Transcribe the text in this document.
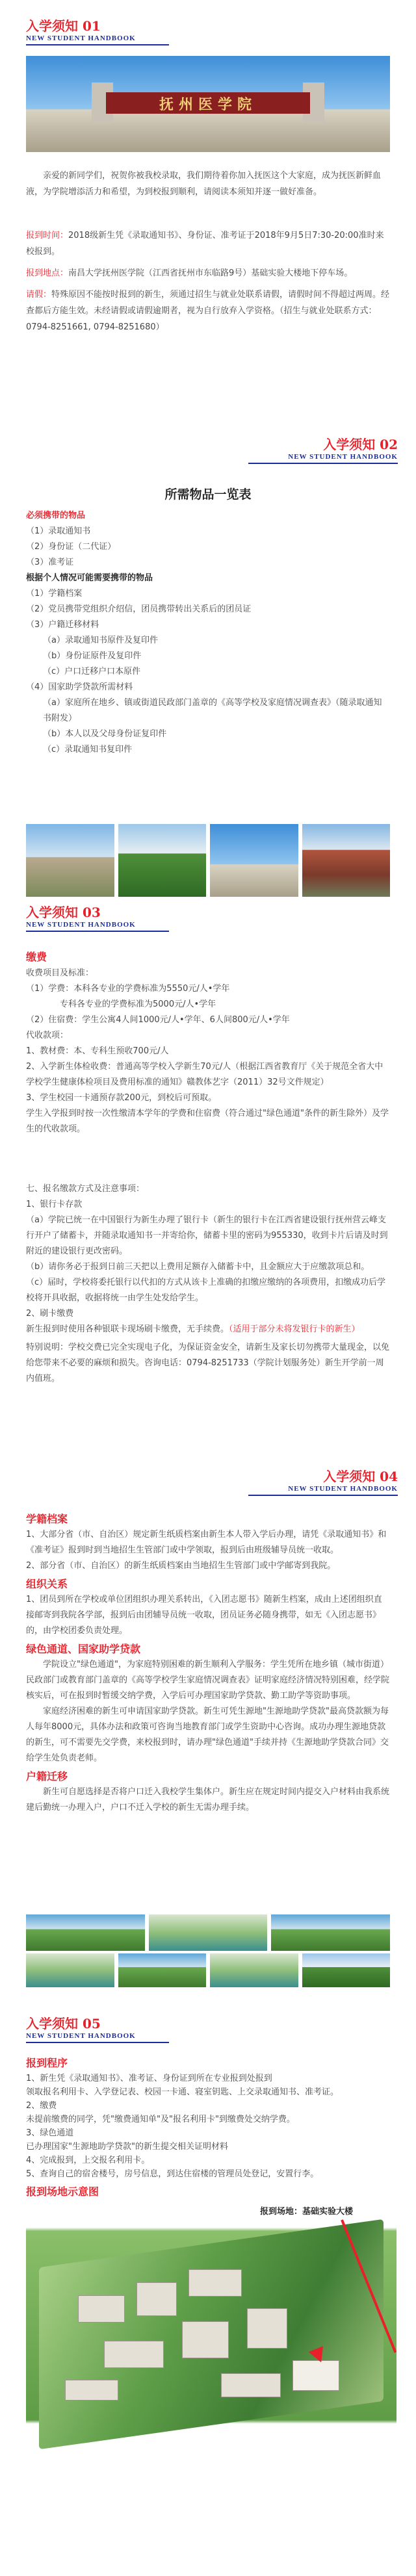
入学须知 01
NEW STUDENT HANDBOOK
抚州医学院
亲爱的新同学们，祝贺你被我校录取，我们期待着你加入抚医这个大家庭，成为抚医新鲜血液，为学院增添活力和希望，为到校报到顺利，请阅读本须知并逐一做好准备。
报到时间：2018级新生凭《录取通知书》、身份证、准考证于2018年9月5日7:30-20:00准时来校报到。
报到地点：南昌大学抚州医学院（江西省抚州市东临路9号）基础实验大楼地下停车场。
请假：特殊原因不能按时报到的新生，须通过招生与就业处联系请假，请假时间不得超过两周。经查都后方能生效。未经请假或请假逾期者，视为自行放弃入学资格。（招生与就业处联系方式：0794-8251661, 0794-8251680）
入学须知 02
NEW STUDENT HANDBOOK
所需物品一览表
必须携带的物品
（1）录取通知书
（2）身份证（二代证）
（3）准考证
根据个人情况可能需要携带的物品
（1）学籍档案
（2）党员携带党组织介绍信，团员携带转出关系后的团员证
（3）户籍迁移材料
（a）录取通知书原件及复印件
（b）身份证原件及复印件
（c）户口迁移户口本原件
（4）国家助学贷款所需材料
（a）家庭所在地乡、镇或街道民政部门盖章的《高等学校及家庭情况调查表》（随录取通知书附发）
（b）本人以及父母身份证复印件
（c）录取通知书复印件
入学须知 03
NEW STUDENT HANDBOOK
缴费
收费项目及标准：
（1）学费：本科各专业的学费标准为5550元/人•学年
专科各专业的学费标准为5000元/人•学年
（2）住宿费：学生公寓4人间1000元/人•学年、6人间800元/人•学年
代收款项：
1、教材费：本、专科生预收700元/人
2、入学新生体检收费：普通高等学校入学新生70元/人（根据江西省教育厅《关于规范全省大中学校学生健康体检项目及费用标准的通知》赣教体艺字（2011）32号文件规定）
3、学生校园一卡通预存款200元，到校后可预取。
学生入学报到时按一次性缴清本学年的学费和住宿费（符合通过"绿色通道"条件的新生除外）及学生的代收款项。
七、报名缴款方式及注意事项：
1、银行卡存款
（a）学院已统一在中国银行为新生办理了银行卡（新生的银行卡在江西省建设银行抚州营云峰支行开户了储蓄卡，并随录取通知书一并寄给你，储蓄卡里的密码为955330，收到卡片后请及时到附近的建设银行更改密码。
（b）请你务必于报到日前三天把以上费用足额存入储蓄卡中，且金额应大于应缴款项总和。
（c）届时，学校将委托银行以代扣的方式从该卡上准确的扣缴应缴纳的各项费用，扣缴成功后学校将开具收据，收据将统一由学生处发给学生。
2、刷卡缴费
新生报到时使用各种银联卡现场刷卡缴费，无手续费。（适用于部分未将发银行卡的新生）
特别说明：学校交费已完全实现电子化，为保证资金安全，请新生及家长切勿携带大量现金，以免给您带来不必要的麻烦和损失。咨询电话：0794-8251733（学院计划服务处）新生开学前一周内值班。
入学须知 04
NEW STUDENT HANDBOOK
学籍档案
1、大部分省（市、自治区）规定新生纸质档案由新生本人带入学后办理，请凭《录取通知书》和《准考证》报到时到当地招生生管部门或中学领取，报到后由班级辅导员统一收取。
2、部分省（市、自治区）的新生纸质档案由当地招生生管部门或中学邮寄到我院。
组织关系
1、团员到所在学校或单位团组织办理关系转出，《入团志愿书》随新生档案，成由上述团组织直接邮寄到我院各学部，报到后由团辅导员统一收取，团员证务必随身携带，如无《入团志愿书》的，由学校团委负责处理。
绿色通道、国家助学贷款
学院设立"绿色通道"，为家庭特别困难的新生顺利入学服务：学生凭所在地乡镇（城市街道）民政部门或教育部门盖章的《高等学校学生家庭情况调查表》证明家庭经济情况特别困难，经学院核实后，可在报到时暂缓交纳学费，入学后可办理国家助学贷款、勤工助学等资助事项。
家庭经济困难的新生可申请国家助学贷款。新生可凭生源地"生源地助学贷款"最高贷款额为每人每年8000元，具体办法和政策可咨询当地教育部门或学生资助中心咨询。成功办理生源地贷款的新生，可不需要先交学费，来校报到时，请办理"绿色通道"手续并持《生源地助学贷款合同》交给学生处负责老师。
户籍迁移
新生可自愿选择是否将户口迁入我校学生集体户。新生应在规定时间内提交入户材料由我系统建后勤统一办理入户，户口不迁入学校的新生无需办理手续。
入学须知 05
NEW STUDENT HANDBOOK
报到程序
1、新生凭《录取通知书》、准考证、身份证到所在专业报到处报到
领取报名利用卡、入学登记表、校园一卡通、寝室钥匙、上交录取通知书、准考证。
2、缴费
未提前缴费的同学，凭"缴费通知单"及"报名利用卡"到缴费处交纳学费。
3、绿色通道
已办理国家"生源地助学贷款"的新生提交相关证明材料
4、完成报到，上交报名利用卡。
5、查询自己的宿舍楼号，房号信息，到达住宿楼的管理员处登记，安置行李。
报到场地示意图
报到场地：基础实验大楼
